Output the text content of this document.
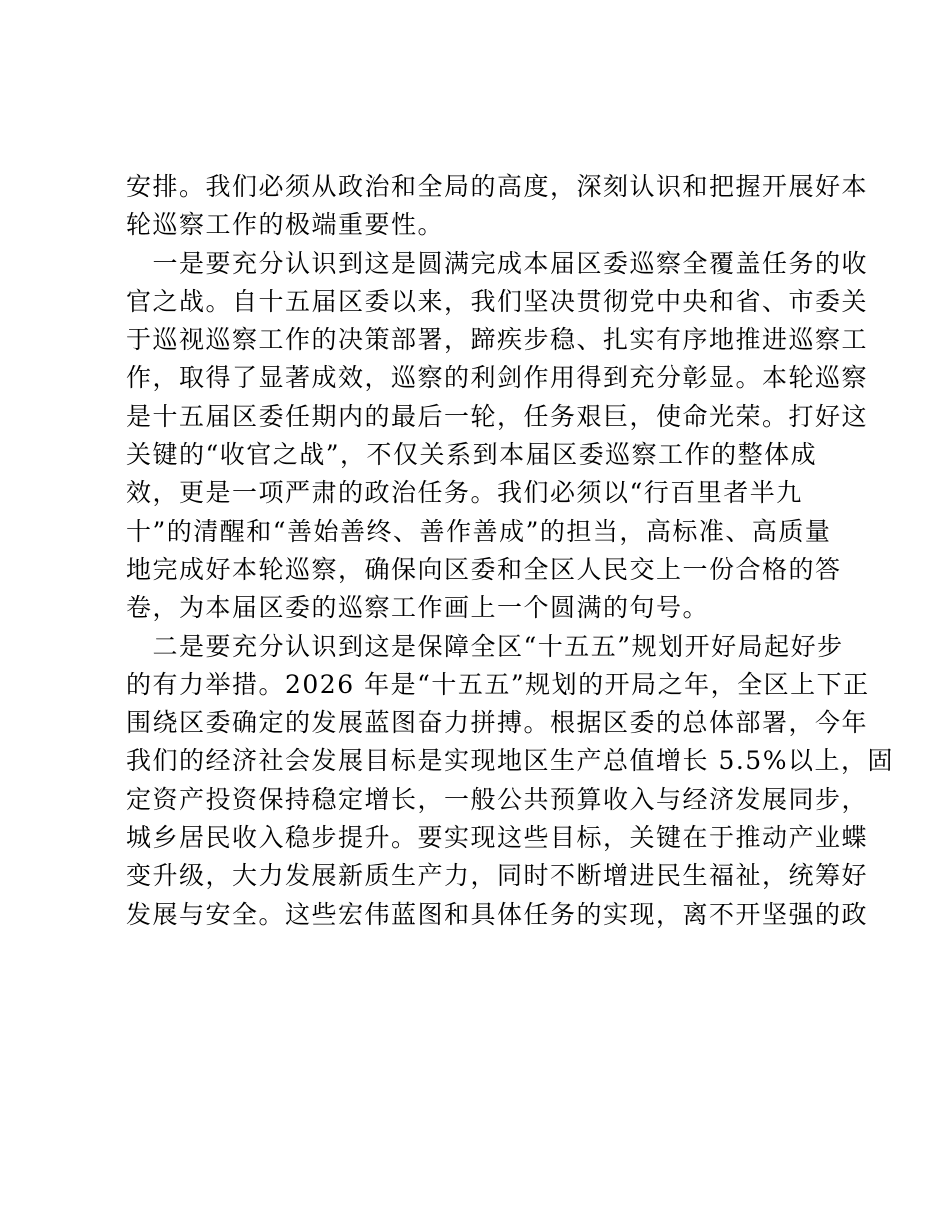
安排。我们必须从政治和全局的高度，深刻认识和把握开展好本
轮巡察工作的极端重要性。
　一是要充分认识到这是圆满完成本届区委巡察全覆盖任务的收
官之战。自十五届区委以来，我们坚决贯彻党中央和省、市委关
于巡视巡察工作的决策部署，蹄疾步稳、扎实有序地推进巡察工
作，取得了显著成效，巡察的利剑作用得到充分彰显。本轮巡察
是十五届区委任期内的最后一轮，任务艰巨，使命光荣。打好这
关键的“收官之战”，不仅关系到本届区委巡察工作的整体成
效，更是一项严肃的政治任务。我们必须以“行百里者半九
十”的清醒和“善始善终、善作善成”的担当，高标准、高质量
地完成好本轮巡察，确保向区委和全区人民交上一份合格的答
卷，为本届区委的巡察工作画上一个圆满的句号。
　二是要充分认识到这是保障全区“十五五”规划开好局起好步
的有力举措。2026 年是“十五五”规划的开局之年，全区上下正
围绕区委确定的发展蓝图奋力拼搏。根据区委的总体部署，今年
我们的经济社会发展目标是实现地区生产总值增长 5.5%以上，固
定资产投资保持稳定增长，一般公共预算收入与经济发展同步，
城乡居民收入稳步提升。要实现这些目标，关键在于推动产业蝶
变升级，大力发展新质生产力，同时不断增进民生福祉，统筹好
发展与安全。这些宏伟蓝图和具体任务的实现，离不开坚强的政
